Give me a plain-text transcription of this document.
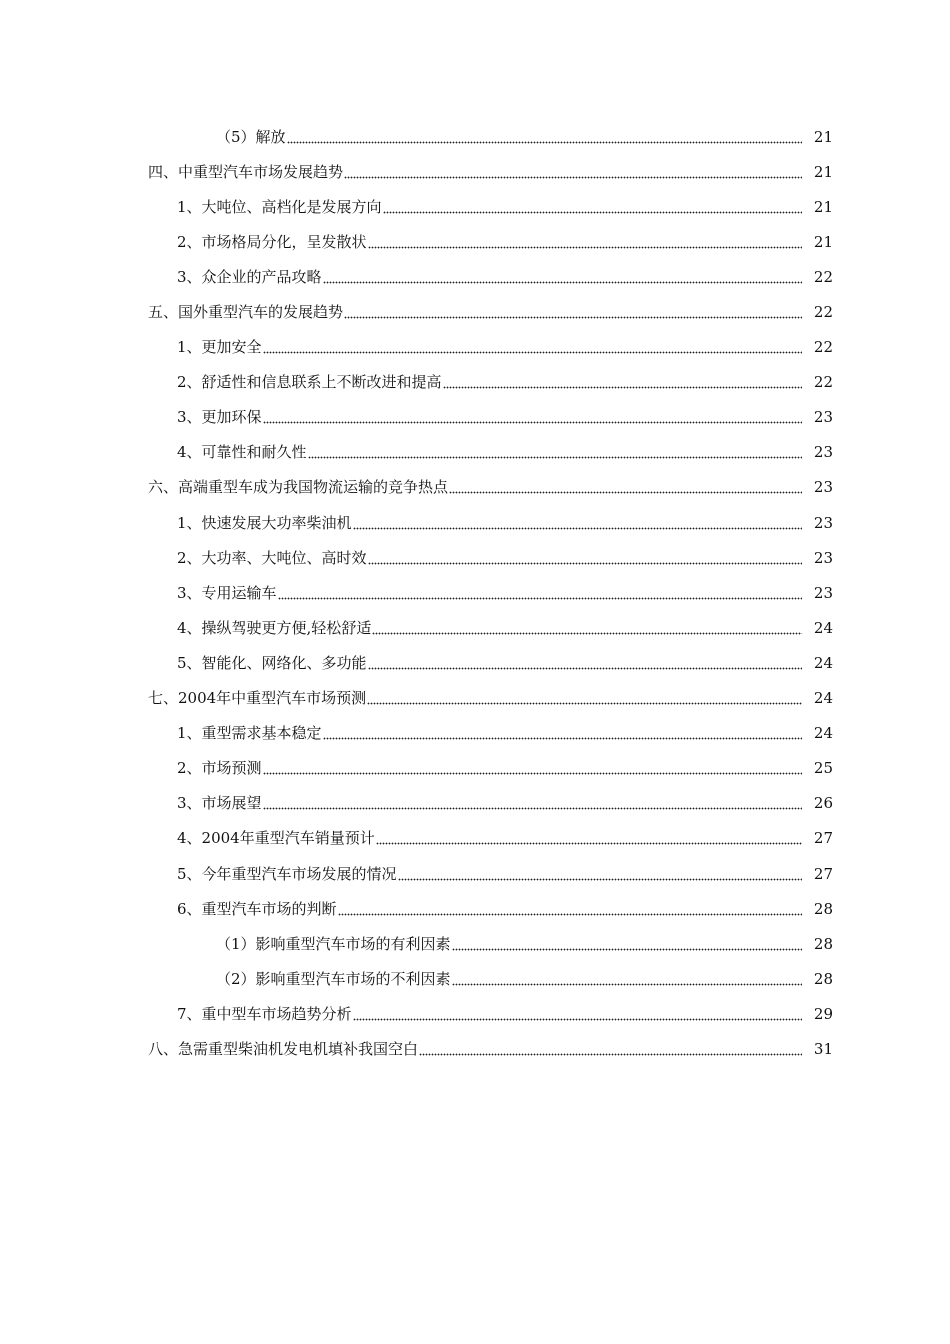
（5）解放	21
四、中重型汽车市场发展趋势	21
1、大吨位、高档化是发展方向	21
2、市场格局分化，呈发散状	21
3、众企业的产品攻略	22
五、国外重型汽车的发展趋势	22
1、更加安全	22
2、舒适性和信息联系上不断改进和提高	22
3、更加环保	23
4、可靠性和耐久性	23
六、高端重型车成为我国物流运输的竞争热点	23
1、快速发展大功率柴油机	23
2、大功率、大吨位、高时效	23
3、专用运输车	23
4、操纵驾驶更方便,轻松舒适	24
5、智能化、网络化、多功能	24
七、2004年中重型汽车市场预测	24
1、重型需求基本稳定	24
2、市场预测	25
3、市场展望	26
4、2004年重型汽车销量预计	27
5、今年重型汽车市场发展的情况	27
6、重型汽车市场的判断	28
（1）影响重型汽车市场的有利因素	28
（2）影响重型汽车市场的不利因素	28
7、重中型车市场趋势分析	29
八、急需重型柴油机发电机填补我国空白	31
